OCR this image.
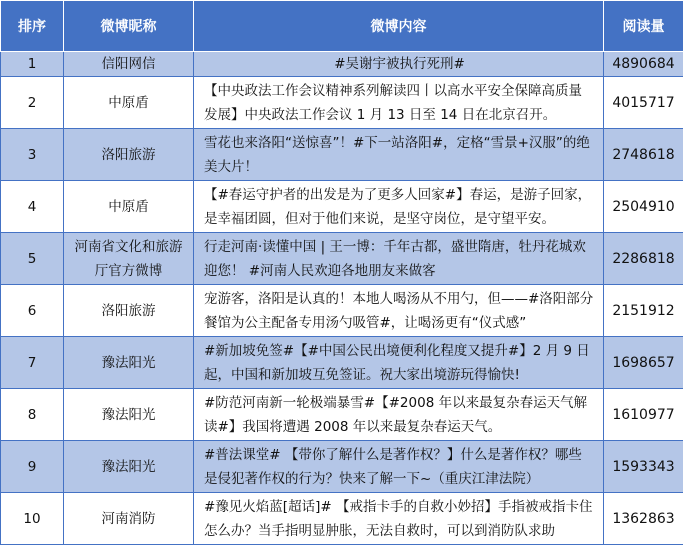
排序	微博昵称	微博内容	阅读量
1	信阳网信	#吴谢宇被执行死刑#	4890684
2	中原盾	【中央政法工作会议精神系列解读四丨以高水平安全保障高质量发展】中央政法工作会议 1 月 13 日至 14 日在北京召开。	4015717
3	洛阳旅游	雪花也来洛阳“送惊喜”！#下一站洛阳#，定格“雪景+汉服”的绝美大片！	2748618
4	中原盾	【#春运守护者的出发是为了更多人回家#】春运，是游子回家，是幸福团圆，但对于他们来说，是坚守岗位，是守望平安。	2504910
5	河南省文化和旅游厅官方微博	行走河南·读懂中国 | 王一博：千年古都，盛世隋唐，牡丹花城欢迎您！ #河南人民欢迎各地朋友来做客	2286818
6	洛阳旅游	宠游客，洛阳是认真的！本地人喝汤从不用勺，但——#洛阳部分餐馆为公主配备专用汤勺吸管#，让喝汤更有“仪式感”	2151912
7	豫法阳光	#新加坡免签#【#中国公民出境便利化程度又提升#】2 月 9 日起，中国和新加坡互免签证。祝大家出境游玩得愉快!	1698657
8	豫法阳光	#防范河南新一轮极端暴雪#【#2008 年以来最复杂春运天气解读#】我国将遭遇 2008 年以来最复杂春运天气。	1610977
9	豫法阳光	#普法课堂# 【带你了解什么是著作权？】什么是著作权？哪些是侵犯著作权的行为？快来了解一下~（重庆江津法院）	1593343
10	河南消防	#豫见火焰蓝[超话]# 【戒指卡手的自救小妙招】手指被戒指卡住怎么办？当手指明显肿胀，无法自救时，可以到消防队求助	1362863
